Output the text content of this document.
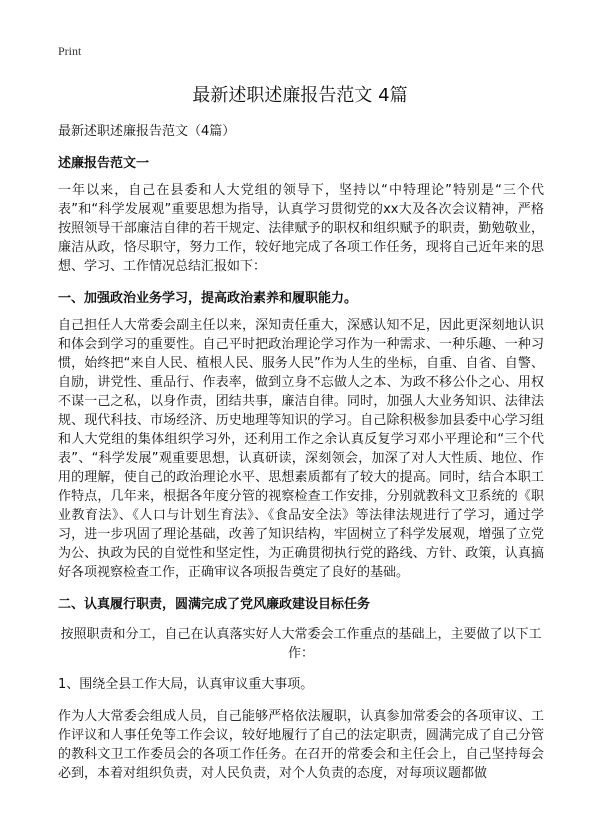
Print
最新述职述廉报告范文 4篇

最新述职述廉报告范文（4篇）

述廉报告范文一

一年以来，自己在县委和人大党组的领导下，坚持以“中特理论”特别是“三个代表”和“科学发展观”重要思想为指导，认真学习贯彻党的xx大及各次会议精神，严格按照领导干部廉洁自律的若干规定、法律赋予的职权和组织赋予的职责，勤勉敬业，廉洁从政，恪尽职守，努力工作，较好地完成了各项工作任务，现将自己近年来的思想、学习、工作情况总结汇报如下：

一、加强政治业务学习，提高政治素养和履职能力。

自己担任人大常委会副主任以来，深知责任重大，深感认知不足，因此更深刻地认识和体会到学习的重要性。自己平时把政治理论学习作为一种需求、一种乐趣、一种习惯，始终把“来自人民、植根人民、服务人民”作为人生的坐标，自重、自省、自警、自励，讲党性、重品行、作表率，做到立身不忘做人之本、为政不移公仆之心、用权不谋一己之私，以身作责，团结共事，廉洁自律。同时，加强人大业务知识、法律法规、现代科技、市场经济、历史地理等知识的学习。自己除积极参加县委中心学习组和人大党组的集体组织学习外，还利用工作之余认真反复学习邓小平理论和“三个代表”、“科学发展”观重要思想，认真研读，深刻领会，加深了对人大性质、地位、作用的理解，使自己的政治理论水平、思想素质都有了较大的提高。同时，结合本职工作特点，几年来，根据各年度分管的视察检查工作安排，分别就教科文卫系统的《职业教育法》、《人口与计划生育法》、《食品安全法》等法律法规进行了学习，通过学习，进一步巩固了理论基础，改善了知识结构，牢固树立了科学发展观，增强了立党为公、执政为民的自觉性和坚定性，为正确贯彻执行党的路线、方针、政策，认真搞好各项视察检查工作，正确审议各项报告奠定了良好的基础。

二、认真履行职责，圆满完成了党风廉政建设目标任务

按照职责和分工，自己在认真落实好人大常委会工作重点的基础上，主要做了以下工作：

1、围绕全县工作大局，认真审议重大事项。

作为人大常委会组成人员，自己能够严格依法履职，认真参加常委会的各项审议、工作评议和人事任免等工作会议，较好地履行了自己的法定职责，圆满完成了自己分管的教科文卫工作委员会的各项工作任务。在召开的常委会和主任会上，自己坚持每会必到，本着对组织负责，对人民负责，对个人负责的态度，对每项议题都做
